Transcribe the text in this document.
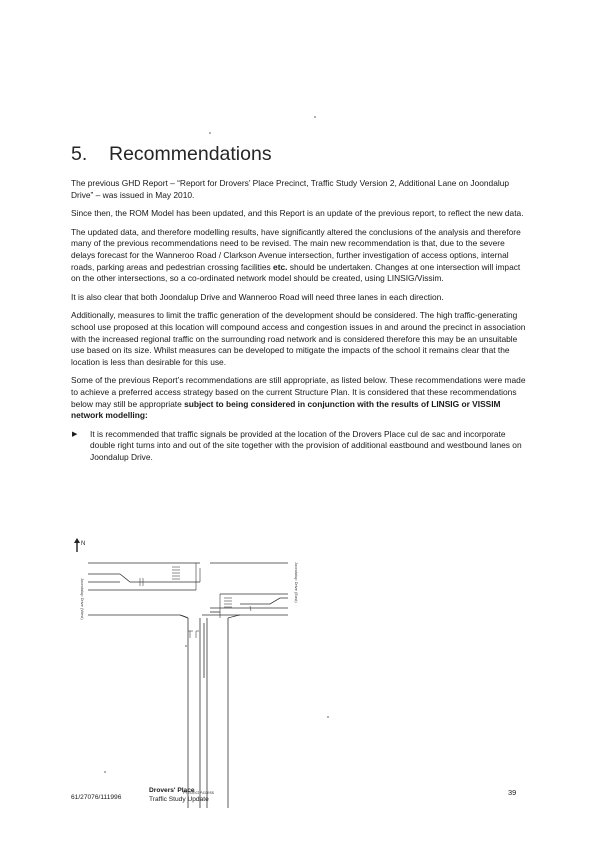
5. Recommendations

The previous GHD Report – “Report for Drovers’ Place Precinct, Traffic Study Version 2, Additional Lane on Joondalup Drive” – was issued in May 2010.

Since then, the ROM Model has been updated, and this Report is an update of the previous report, to reflect the new data.

The updated data, and therefore modelling results, have significantly altered the conclusions of the analysis and therefore many of the previous recommendations need to be revised. The main new recommendation is that, due to the severe delays forecast for the Wanneroo Road / Clarkson Avenue intersection, further investigation of access options, internal roads, parking areas and pedestrian crossing facilities etc. should be undertaken. Changes at one intersection will impact on the other intersections, so a co-ordinated network model should be created, using LINSIG/Vissim.

It is also clear that both Joondalup Drive and Wanneroo Road will need three lanes in each direction.

Additionally, measures to limit the traffic generation of the development should be considered. The high traffic-generating school use proposed at this location will compound access and congestion issues in and around the precinct in association with the increased regional traffic on the surrounding road network and is considered therefore this may be an unsuitable use based on its size. Whilst measures can be developed to mitigate the impacts of the school it remains clear that the location is less than desirable for this use.

Some of the previous Report’s recommendations are still appropriate, as listed below. These recommendations were made to achieve a preferred access strategy based on the current Structure Plan. It is considered that these recommendations below may still be appropriate subject to being considered in conjunction with the results of LINSIG or VISSIM network modelling:

▶	It is recommended that traffic signals be provided at the location of the Drovers Place cul de sac and incorporate double right turns into and out of the site together with the provision of additional eastbound and westbound lanes on Joondalup Drive.
N
Joondalup Drive (West)	Joondalup Drive (East)
Precinct Access
61/27076/111996
Drovers' Place
Traffic Study Update
39
